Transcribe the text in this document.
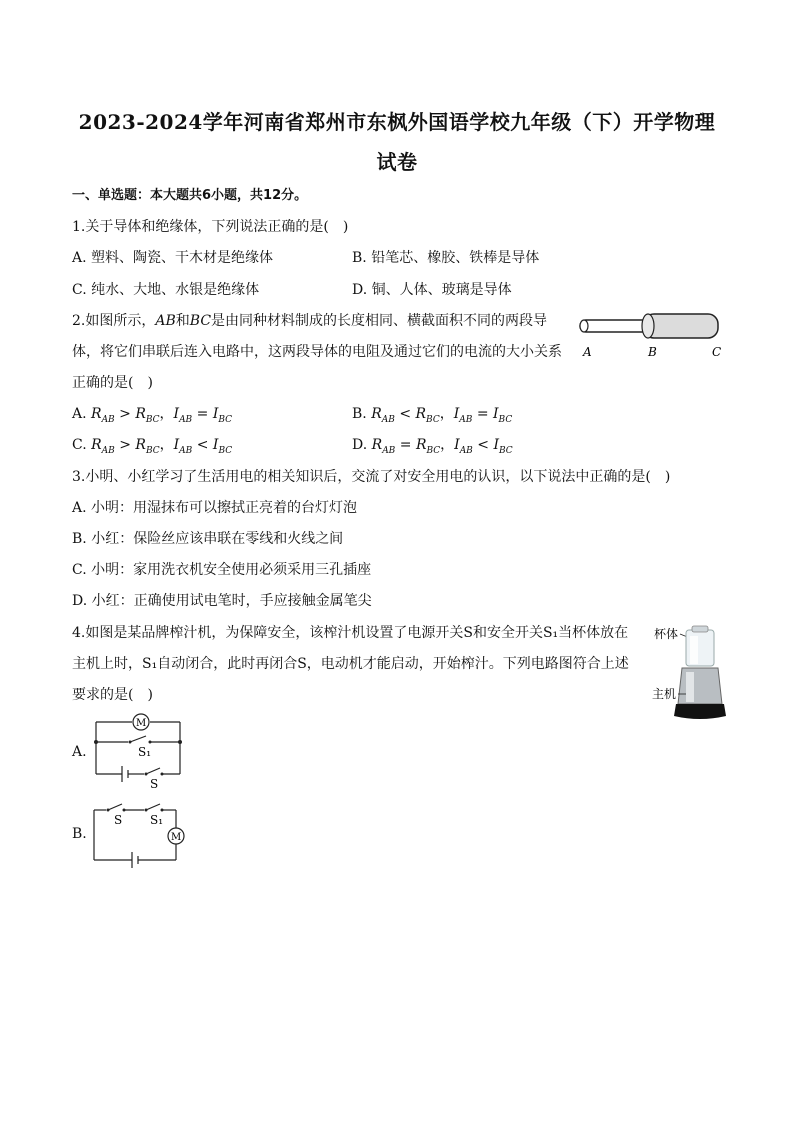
2023-2024学年河南省郑州市东枫外国语学校九年级（下）开学物理
试卷
一、单选题：本大题共6小题，共12分。
1.关于导体和绝缘体，下列说法正确的是(　)
A. 塑料、陶瓷、干木材是绝缘体	B. 铅笔芯、橡胶、铁棒是导体
C. 纯水、大地、水银是绝缘体	D. 铜、人体、玻璃是导体
2.如图所示，AB和BC是由同种材料制成的长度相同、横截面积不同的两段导
体，将它们串联后连入电路中，这两段导体的电阻及通过它们的电流的大小关系
正确的是(　)
A	B	C
A. $R_{AB} > R_{BC}$，$I_{AB} = I_{BC}$	B. $R_{AB} < R_{BC}$，$I_{AB} = I_{BC}$
C. $R_{AB} > R_{BC}$，$I_{AB} < I_{BC}$	D. $R_{AB} = R_{BC}$，$I_{AB} < I_{BC}$
3.小明、小红学习了生活用电的相关知识后，交流了对安全用电的认识，以下说法中正确的是(　)
A. 小明：用湿抹布可以擦拭正亮着的台灯灯泡
B. 小红：保险丝应该串联在零线和火线之间
C. 小明：家用洗衣机安全使用必须采用三孔插座
D. 小红：正确使用试电笔时，手应接触金属笔尖
4.如图是某品牌榨汁机，为保障安全，该榨汁机设置了电源开关S和安全开关S₁当杯体放在
主机上时，S₁自动闭合，此时再闭合S，电动机才能启动，开始榨汁。下列电路图符合上述
要求的是(　)
杯体
主机
A.
M
S₁
S
B.	M
S S₁
